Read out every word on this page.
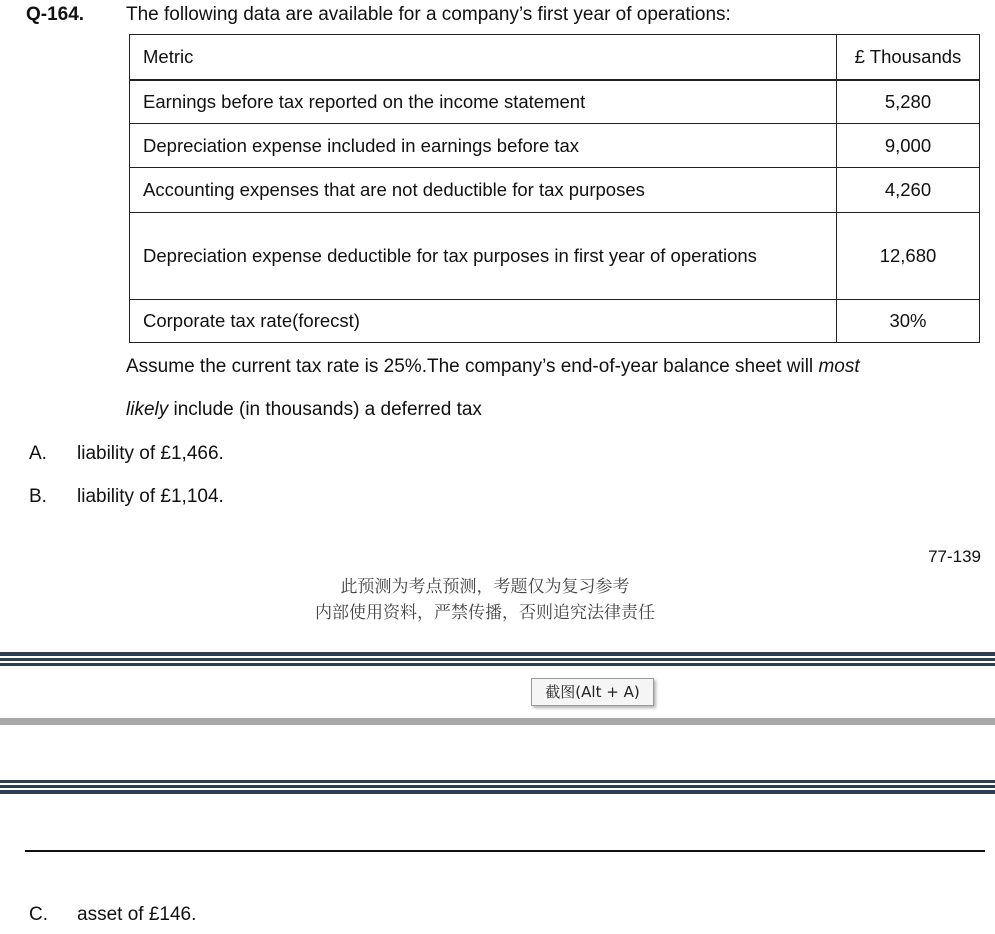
Q-164. The following data are available for a company’s first year of operations:
Metric	£ Thousands
Earnings before tax reported on the income statement	5,280
Depreciation expense included in earnings before tax	9,000
Accounting expenses that are not deductible for tax purposes	4,260
Depreciation expense deductible for tax purposes in first year of operations	12,680
Corporate tax rate(forecst)	30%
Assume the current tax rate is 25%.The company’s end-of-year balance sheet will most
likely include (in thousands) a deferred tax
A. liability of £1,466.
B. liability of £1,104.
77-139
此预测为考点预测，考题仅为复习参考
内部使用资料，严禁传播，否则追究法律责任
截图(Alt + A)
C. asset of £146.
